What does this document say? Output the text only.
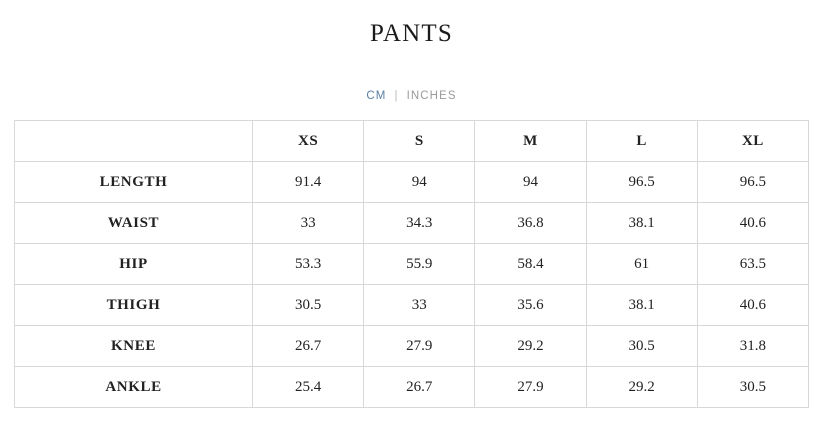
PANTS
CM | INCHES
	XS	S	M	L	XL
LENGTH	91.4	94	94	96.5	96.5
WAIST	33	34.3	36.8	38.1	40.6
HIP	53.3	55.9	58.4	61	63.5
THIGH	30.5	33	35.6	38.1	40.6
KNEE	26.7	27.9	29.2	30.5	31.8
ANKLE	25.4	26.7	27.9	29.2	30.5
